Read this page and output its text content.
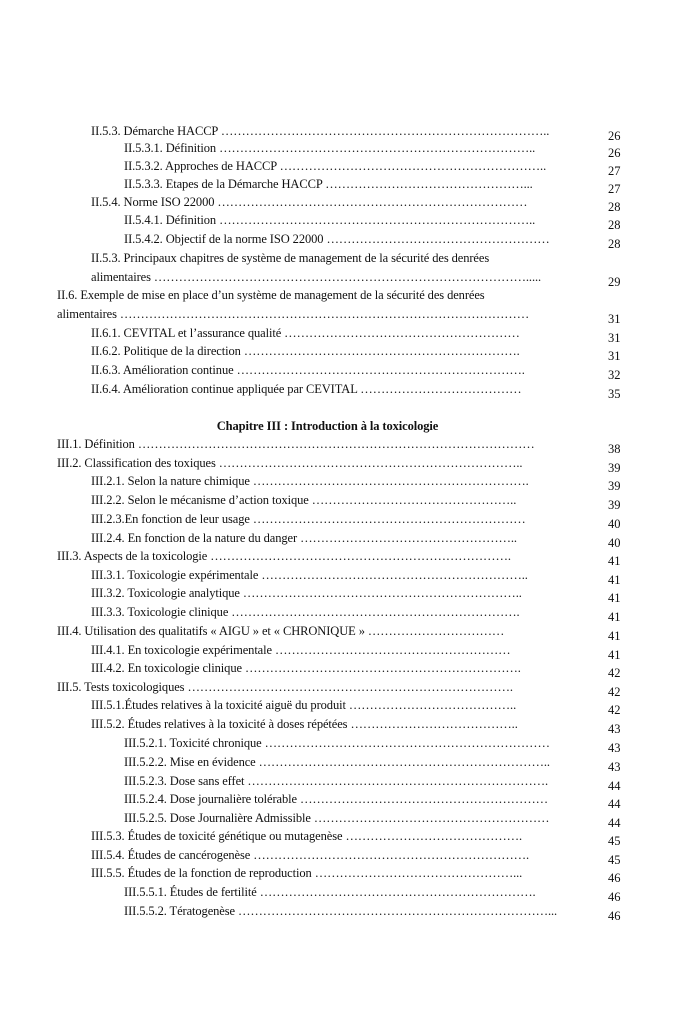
II.5.3. Démarche HACCP ……………………………………………………………………..	26
II.5.3.1. Définition …………………………………………………………………..	26
II.5.3.2. Approches de HACCP ………………………………………………………..	27
II.5.3.3. Etapes de la Démarche HACCP …………………………………………...	27
II.5.4. Norme ISO 22000 …………………………………………………………………	28
II.5.4.1. Définition …………………………………………………………………..	28
II.5.4.2. Objectif de la norme ISO 22000 ………………………………………………	28
II.5.3. Principaux chapitres de système de management de la sécurité des denrées
alimentaires ……………………………………………………………………………….....	29
II.6. Exemple de mise en place d’un système de management de la sécurité des denrées
alimentaires ………………………………………………………………………………………	31
II.6.1. CEVITAL et l’assurance qualité …………………………………………………	31
II.6.2. Politique de la direction ………………………………………………………….	31
II.6.3. Amélioration continue …………………………………………………………….	32
II.6.4. Amélioration continue appliquée par CEVITAL …………………………………	35
Chapitre III : Introduction à la toxicologie
III.1. Définition ……………………………………………………………………………………	38
III.2. Classification des toxiques ………………………………………………………………..	39
III.2.1. Selon la nature chimique ………………………………………………………….	39
III.2.2. Selon le mécanisme d’action toxique …………………………………………..	39
III.2.3.En fonction de leur usage …………………………………………………………	40
III.2.4. En fonction de la nature du danger ……………………………………………..	40
III.3. Aspects de la toxicologie ……………………………………………………………….	41
III.3.1. Toxicologie expérimentale ………………………………………………………..	41
III.3.2. Toxicologie analytique …………………………………………………………..	41
III.3.3. Toxicologie clinique …………………………………………………………….	41
III.4. Utilisation des qualitatifs « AIGU » et « CHRONIQUE » ……………………………	41
III.4.1. En toxicologie expérimentale …………………………………………………	41
III.4.2. En toxicologie clinique ………………………………………………………….	42
III.5. Tests toxicologiques …………………………………………………………………….	42
III.5.1.Études relatives à la toxicité aiguë du produit …………………………………..	42
III.5.2. Études relatives à la toxicité à doses répétées …………………………………..	43
III.5.2.1. Toxicité chronique ……………………………………………………………	43
III.5.2.2. Mise en évidence ……………………………………………………………..	43
III.5.2.3. Dose sans effet ……………………………………………………………….	44
III.5.2.4. Dose journalière tolérable ……………………………………………………	44
III.5.2.5. Dose Journalière Admissible …………………………………………………	44
III.5.3. Études de toxicité génétique ou mutagenèse …………………………………….	45
III.5.4. Études de cancérogenèse ………………………………………………………….	45
III.5.5. Études de la fonction de reproduction …………………………………………...	46
III.5.5.1. Études de fertilité ………………………………………………………….	46
III.5.5.2. Tératogenèse …………………………………………………………………...	46
